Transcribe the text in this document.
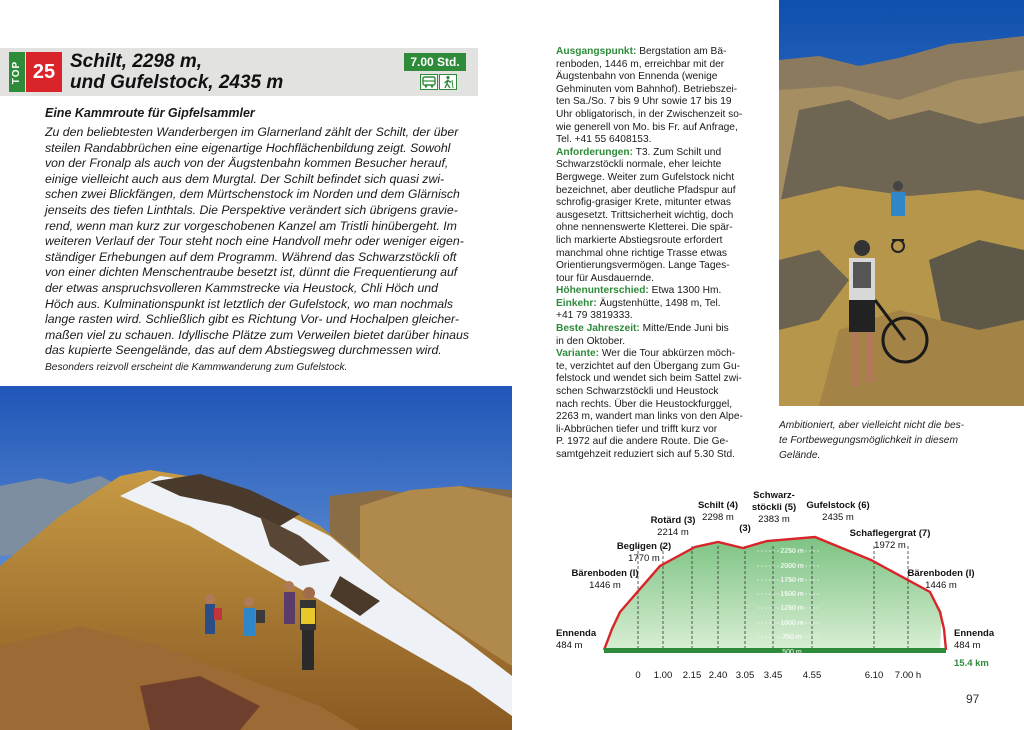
TOP 25 Schilt, 2298 m,
und Gufelstock, 2435 m
7.00 Std.
Eine Kammroute für Gipfelsammler

Zu den beliebtesten Wanderbergen im Glarnerland zählt der Schilt, der über
steilen Randabbrüchen eine eigenartige Hochflächenbildung zeigt. Sowohl
von der Fronalp als auch von der Äugstenbahn kommen Besucher herauf,
einige vielleicht auch aus dem Murgtal. Der Schilt befindet sich quasi zwi-
schen zwei Blickfängen, dem Mürtschenstock im Norden und dem Glärnisch
jenseits des tiefen Linthtals. Die Perspektive verändert sich übrigens gravie-
rend, wenn man kurz zur vorgeschobenen Kanzel am Tristli hinübergeht. Im
weiteren Verlauf der Tour steht noch eine Handvoll mehr oder weniger eigen-
ständiger Erhebungen auf dem Programm. Während das Schwarzstöckli oft
von einer dichten Menschentraube besetzt ist, dünnt die Frequentierung auf
der etwas anspruchsvolleren Kammstrecke via Heustock, Chli Höch und
Höch aus. Kulminationspunkt ist letztlich der Gufelstock, wo man nochmals
lange rasten wird. Schließlich gibt es Richtung Vor- und Hochalpen gleicher-
maßen viel zu schauen. Idyllische Plätze zum Verweilen bietet darüber hinaus
das kupierte Seengelände, das auf dem Abstiegsweg durchmessen wird.

Besonders reizvoll erscheint die Kammwanderung zum Gufelstock.
Ausgangspunkt: Bergstation am Bä-
renboden, 1446 m, erreichbar mit der
Äugstenbahn von Ennenda (wenige
Gehminuten vom Bahnhof). Betriebszei-
ten Sa./So. 7 bis 9 Uhr sowie 17 bis 19
Uhr obligatorisch, in der Zwischenzeit so-
wie generell von Mo. bis Fr. auf Anfrage,
Tel. +41 55 6408153.
Anforderungen: T3. Zum Schilt und
Schwarzstöckli normale, eher leichte
Bergwege. Weiter zum Gufelstock nicht
bezeichnet, aber deutliche Pfadspur auf
schrofig-grasiger Krete, mitunter etwas
ausgesetzt. Trittsicherheit wichtig, doch
ohne nennenswerte Kletterei. Die spär-
lich markierte Abstiegsroute erfordert
manchmal ohne richtige Trasse etwas
Orientierungsvermögen. Lange Tages-
tour für Ausdauernde.
Höhenunterschied: Etwa 1300 Hm.
Einkehr: Äugstenhütte, 1498 m, Tel.
+41 79 3819333.
Beste Jahreszeit: Mitte/Ende Juni bis
in den Oktober.
Variante: Wer die Tour abkürzen möch-
te, verzichtet auf den Übergang zum Gu-
felstock und wendet sich beim Sattel zwi-
schen Schwarzstöckli und Heustock
nach rechts. Über die Heustockfurggel,
2263 m, wandert man links von den Alpe-
li-Abbrüchen tiefer und trifft kurz vor
P. 1972 auf die andere Route. Die Ge-
samtgehzeit reduziert sich auf 5.30 Std.
Ambitioniert, aber vielleicht nicht die bes-
te Fortbewegungsmöglichkeit in diesem
Gelände.
2250 m
2000 m
1750 m
1500 m
1250 m
1000 m
750 m
500 m
0 1.00 2.15 2.40 3.05 3.45 4.55	6.10 7.00 h
Ennenda
484 m
Bärenboden (I)
1446 m
Begligen (2)
1770 m
Rotärd (3)
2214 m
Schilt (4)
2298 m
(3)
Schwarz-
stöckli (5)
2383 m
Gufelstock (6)
2435 m
Schaflegergrat (7)
1972 m
Bärenboden (I)
1446 m
Ennenda
484 m
15.4 km
97
